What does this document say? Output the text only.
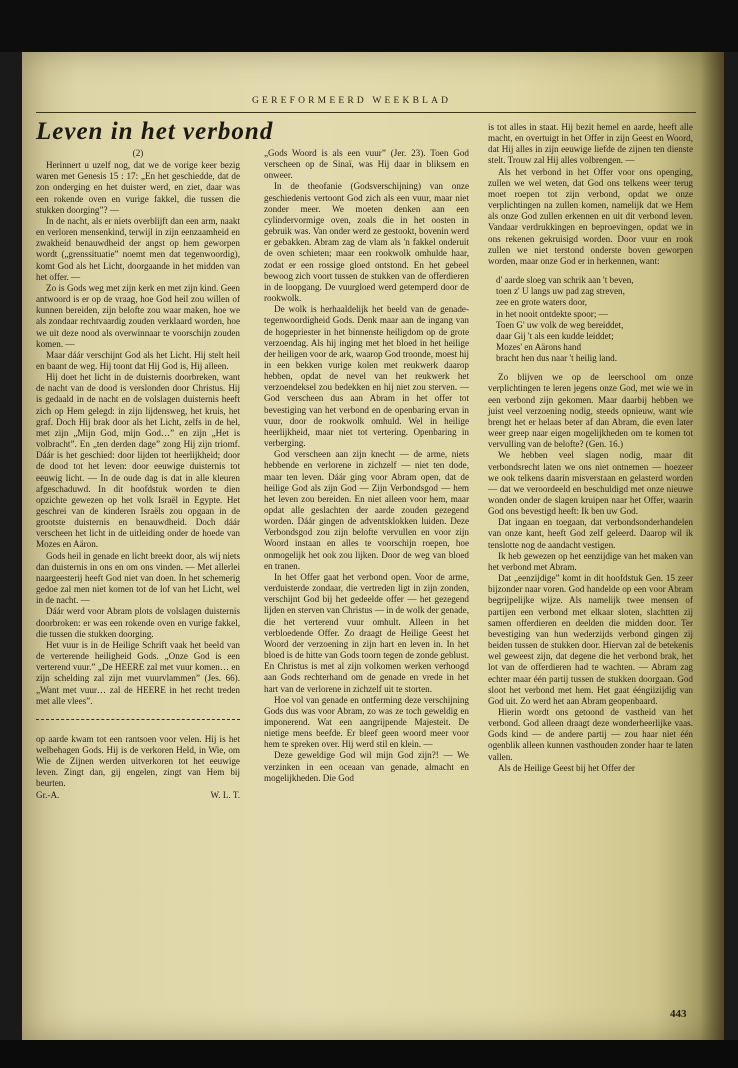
GEREFORMEERD WEEKBLAD
Leven in het verbond

(2)

Herinnert u uzelf nog, dat we de vorige keer bezig waren met Genesis 15 : 17: „En het geschiedde, dat de zon onderging en het duister werd, en ziet, daar was een rokende oven en vurige fakkel, die tussen die stukken doorging”? —

In de nacht, als er niets overblijft dan een arm, naakt en verloren mensenkind, terwijl in zijn eenzaamheid en zwakheid benauwdheid der angst op hem geworpen wordt („grenssituatie” noemt men dat tegenwoordig), komt God als het Licht, doorgaande in het midden van het offer. —

Zo is Gods weg met zijn kerk en met zijn kind. Geen antwoord is er op de vraag, hoe God heil zou willen of kunnen bereiden, zijn belofte zou waar maken, hoe we als zondaar rechtvaardig zouden verklaard worden, hoe we uit deze nood als overwinnaar te voorschijn zouden komen. —

Maar dáár verschijnt God als het Licht. Hij stelt heil en baant de weg. Hij toont dat Hij God is, Hij alleen.

Hij doet het licht in de duisternis doorbreken, want de nacht van de dood is verslonden door Christus. Hij is gedaald in de nacht en de volslagen duisternis heeft zich op Hem gelegd: in zijn lijdensweg, het kruis, het graf. Doch Hij brak door als het Licht, zelfs in de hel, met zijn „Mijn God, mijn God…” en zijn „Het is volbracht”. En „ten derden dage” zong Hij zijn triomf. Dáár is het geschied: door lijden tot heerlijkheid; door de dood tot het leven: door eeuwige duisternis tot eeuwig licht. — In de oude dag is dat in alle kleuren afgeschaduwd. In dit hoofdstuk worden te dien opzichte gewezen op het volk Israël in Egypte. Het geschrei van de kinderen Israëls zou opgaan in de grootste duisternis en benauwdheid. Doch dáár verscheen het licht in de uitleiding onder de hoede van Mozes en Aäron.

Gods heil in genade en licht breekt door, als wij niets dan duisternis in ons en om ons vinden. — Met allerlei naargeesterij heeft God niet van doen. In het schemerig gedoe zal men niet komen tot de lof van het Licht, wel in de nacht. —

Dáár werd voor Abram plots de volslagen duisternis doorbroken: er was een rokende oven en vurige fakkel, die tussen die stukken doorging.

Het vuur is in de Heilige Schrift vaak het beeld van de verterende heiligheid Gods. „Onze God is een verterend vuur.” „De HEERE zal met vuur komen… en zijn schelding zal zijn met vuurvlammen” (Jes. 66). „Want met vuur… zal de HEERE in het recht treden met alle vlees”.

op aarde kwam tot een rantsoen voor velen. Hij is het welbehagen Gods. Hij is de verkoren Held, in Wie, om Wie de Zijnen werden uitverkoren tot het eeuwige leven. Zingt dan, gij engelen, zingt van Hem bij beurten.

Gr.-A.	W. L. T.

„Gods Woord is als een vuur” (Jer. 23). Toen God verscheen op de Sinaï, was Hij daar in bliksem en onweer.

In de theofanie (Godsverschijning) van onze geschiedenis vertoont God zich als een vuur, maar niet zonder meer. We moeten denken aan een cylindervormige oven, zoals die in het oosten in gebruik was. Van onder werd ze gestookt, bovenin werd er gebakken. Abram zag de vlam als 'n fakkel onderuit de oven schieten; maar een rookwolk omhulde haar, zodat er een rossige gloed ontstond. En het gebeel bewoog zich voort tussen de stukken van de offerdieren in de loopgang. De vuurgloed werd getemperd door de rookwolk.

De wolk is herhaaldelijk het beeld van de genade-tegenwoordigheid Gods. Denk maar aan de ingang van de hogepriester in het binnenste heiligdom op de grote verzoendag. Als hij inging met het bloed in het heilige der heiligen voor de ark, waarop God troonde, moest hij in een bekken vurige kolen met reukwerk daarop hebben, opdat de nevel van het reukwerk het verzoendeksel zou bedekken en hij niet zou sterven. — God verscheen dus aan Abram in het offer tot bevestiging van het verbond en de openbaring ervan in vuur, door de rookwolk omhuld. Wel in heilige heerlijkheid, maar niet tot vertering. Openbaring in verberging.

God verscheen aan zijn knecht — de arme, niets hebbende en verlorene in zichzelf — niet ten dode, maar ten leven. Dáár ging voor Abram open, dat de heilige God als zijn God — Zijn Verbondsgod — hem het leven zou bereiden. En niet alleen voor hem, maar opdat alle geslachten der aarde zouden gezegend worden. Dáár gingen de adventsklokken luiden. Deze Verbondsgod zou zijn belofte vervullen en voor zijn Woord instaan en alles te voorschijn roepen, hoe onmogelijk het ook zou lijken. Door de weg van bloed en tranen.

In het Offer gaat het verbond open. Voor de arme, verduisterde zondaar, die vertreden ligt in zijn zonden, verschijnt God bij het gedeelde offer — het gezegend lijden en sterven van Christus — in de wolk der genade, die het verterend vuur omhult. Alleen in het verbloedende Offer. Zo draagt de Heilige Geest het Woord der verzoening in zijn hart en leven in. In het bloed is de hitte van Gods toorn tegen de zonde geblust. En Christus is met al zijn volkomen werken verhoogd aan Gods rechterhand om de genade en vrede in het hart van de verlorene in zichzelf uit te storten.

Hoe vol van genade en ontferming deze verschijning Gods dus was voor Abram, zo was ze toch geweldig en imponerend. Wat een aangrijpende Majesteit. De nietige mens beefde. Er bleef geen woord meer voor hem te spreken over. Hij werd stil en klein. —

Deze geweldige God wil mijn God zijn?! — We verzinken in een oceaan van genade, almacht en mogelijkheden. Die God

is tot alles in staat. Hij bezit hemel en aarde, heeft alle macht, en overtuigt in het Offer in zijn Geest en Woord, dat Hij alles in zijn eeuwige liefde de zijnen ten dienste stelt. Trouw zal Hij alles volbrengen. —

Als het verbond in het Offer voor ons openging, zullen we wel weten, dat God ons telkens weer terug moet roepen tot zijn verbond, opdat we onze verplichtingen na zullen komen, namelijk dat we Hem als onze God zullen erkennen en uit dit verbond leven. Vandaar verdrukkingen en beproevingen, opdat we in ons rekenen gekruisigd worden. Door vuur en rook zullen we niet terstond onderste boven geworpen worden, maar onze God er in herkennen, want:

d' aarde sloeg van schrik aan 't beven,

toen z' U langs uw pad zag streven,

zee en grote waters door,

in het nooit ontdekte spoor; —

Toen G' uw volk de weg bereiddet,

daar Gij 't als een kudde leiddet;

Mozes' en Aärons hand

bracht hen dus naar 't heilig land.

Zo blijven we op de leerschool om onze verplichtingen te leren jegens onze God, met wie we in een verbond zijn gekomen. Maar daarbij hebben we juist veel verzoening nodig, steeds opnieuw, want wie brengt het er helaas beter af dan Abram, die even later weer greep naar eigen mogelijkheden om te komen tot vervulling van de belofte? (Gen. 16.)

We hebben veel slagen nodig, maar dit verbondsrecht laten we ons niet ontnemen — hoezeer we ook telkens daarin misverstaan en gelasterd worden — dat we veroordeeld en beschuldigd met onze nieuwe wonden onder de slagen kruipen naar het Offer, waarin God ons bevestigd heeft: Ik ben uw God.

Dat ingaan en toegaan, dat verbondsonderhandelen van onze kant, heeft God zelf geleerd. Daarop wil ik tenslotte nog de aandacht vestigen.

Ik heb gewezen op het eenzijdige van het maken van het verbond met Abram.

Dat „eenzijdige” komt in dit hoofdstuk Gen. 15 zeer bijzonder naar voren. God handelde op een voor Abram begrijpelijke wijze. Als namelijk twee mensen of partijen een verbond met elkaar sloten, slachtten zij samen offerdieren en deelden die midden door. Ter bevestiging van hun wederzijds verbond gingen zij beiden tussen de stukken door. Hiervan zal de betekenis wel geweest zijn, dat degene die het verbond brak, het lot van de offerdieren had te wachten. — Abram zag echter maar één partij tussen de stukken doorgaan. God sloot het verbond met hem. Het gaat ééngiizijdig van God uit. Zo werd het aan Abram geopenbaard.

Hierin wordt ons getoond de vastheid van het verbond. God alleen draagt deze wonderheerlijke vaas. Gods kind — de andere partij — zou haar niet één ogenblik alleen kunnen vasthouden zonder haar te laten vallen.

Als de Heilige Geest bij het Offer der

443
